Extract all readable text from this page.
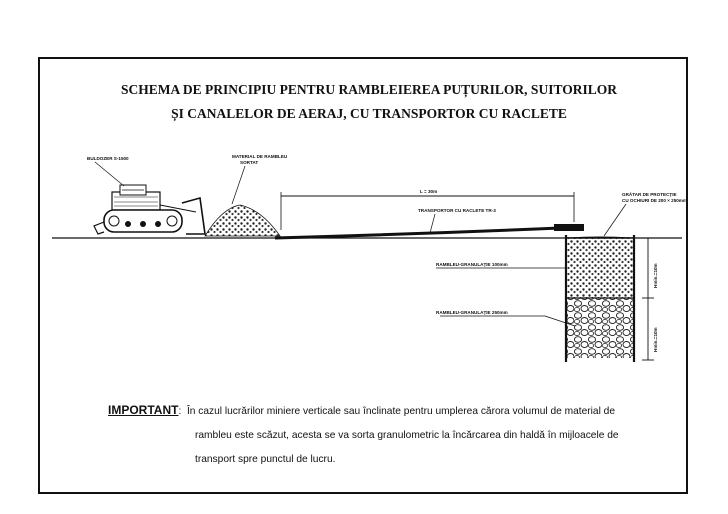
SCHEMA DE PRINCIPIU PENTRU RAMBLEIEREA PUȚURILOR, SUITORILOR
ȘI CANALELOR DE AERAJ, CU TRANSPORTOR CU RACLETE
BULDOZER S-1500	MATERIAL DE RAMBLEU
SORTAT
L = 30m
TRANSPORTOR CU RACLETE TR-3
GRĂTAR DE PROTECȚIE
CU OCHIURI DE 200 × 250mm
RAMBLEU-GRANULAȚIE 100mm
RAMBLEU-GRANULAȚIE 250mm
Hmin.=10m
Hmin.=10m
IMPORTANT:  În cazul lucrărilor miniere verticale sau înclinate pentru umplerea cărora volumul de material de
rambleu este scăzut, acesta se va sorta granulometric la încărcarea din haldă în mijloacele de
transport spre punctul de lucru.
